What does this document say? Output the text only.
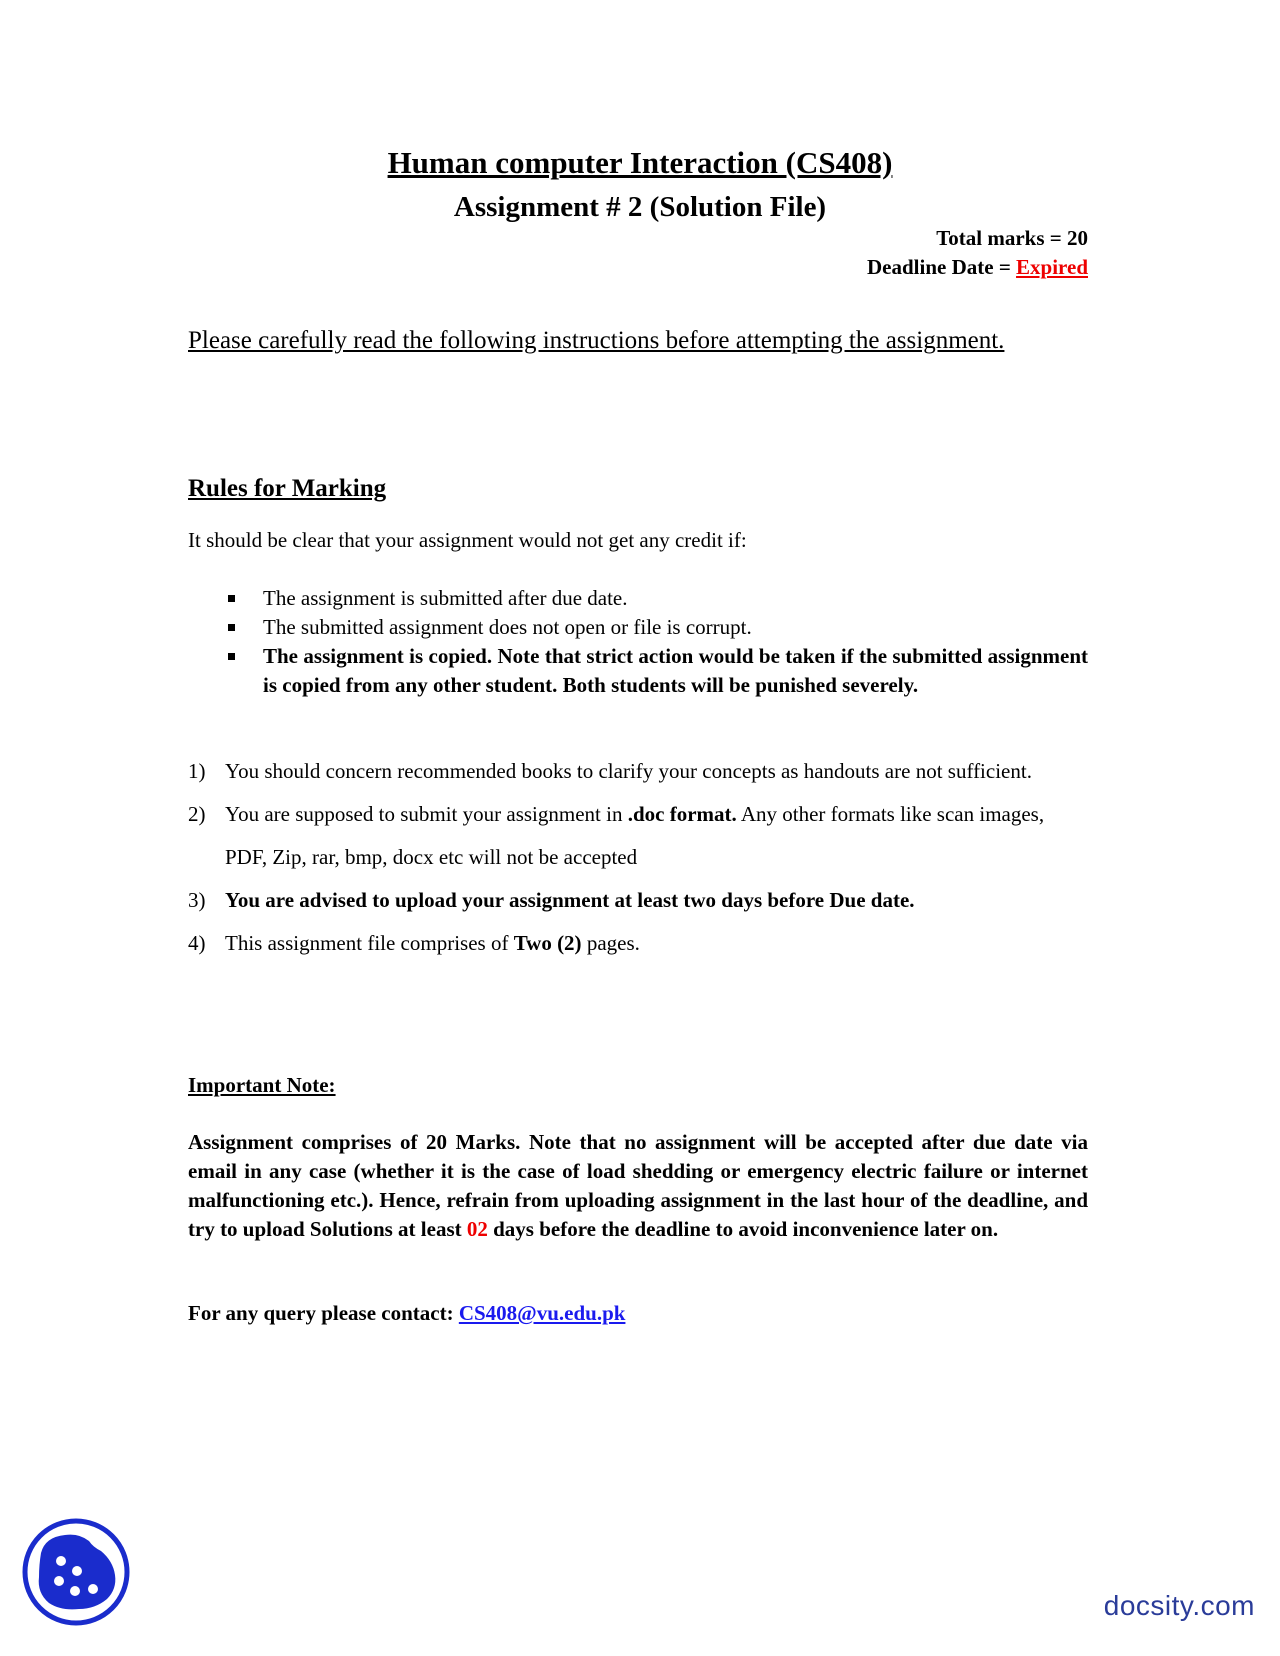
Human computer Interaction (CS408)
Assignment # 2 (Solution File)
Total marks = 20
Deadline Date = Expired
Please carefully read the following instructions before attempting the assignment.
Rules for Marking
It should be clear that your assignment would not get any credit if:
The assignment is submitted after due date.
The submitted assignment does not open or file is corrupt.
The assignment is copied. Note that strict action would be taken if the submitted assignment is copied from any other student. Both students will be punished severely.
1) You should concern recommended books to clarify your concepts as handouts are not sufficient.
2) You are supposed to submit your assignment in .doc format. Any other formats like scan images, PDF, Zip, rar, bmp, docx etc will not be accepted
3) You are advised to upload your assignment at least two days before Due date.
4) This assignment file comprises of Two (2) pages.
Important Note:
Assignment comprises of 20 Marks. Note that no assignment will be accepted after due date via email in any case (whether it is the case of load shedding or emergency electric failure or internet malfunctioning etc.). Hence, refrain from uploading assignment in the last hour of the deadline, and try to upload Solutions at least 02 days before the deadline to avoid inconvenience later on.
For any query please contact: CS408@vu.edu.pk
docsity.com
